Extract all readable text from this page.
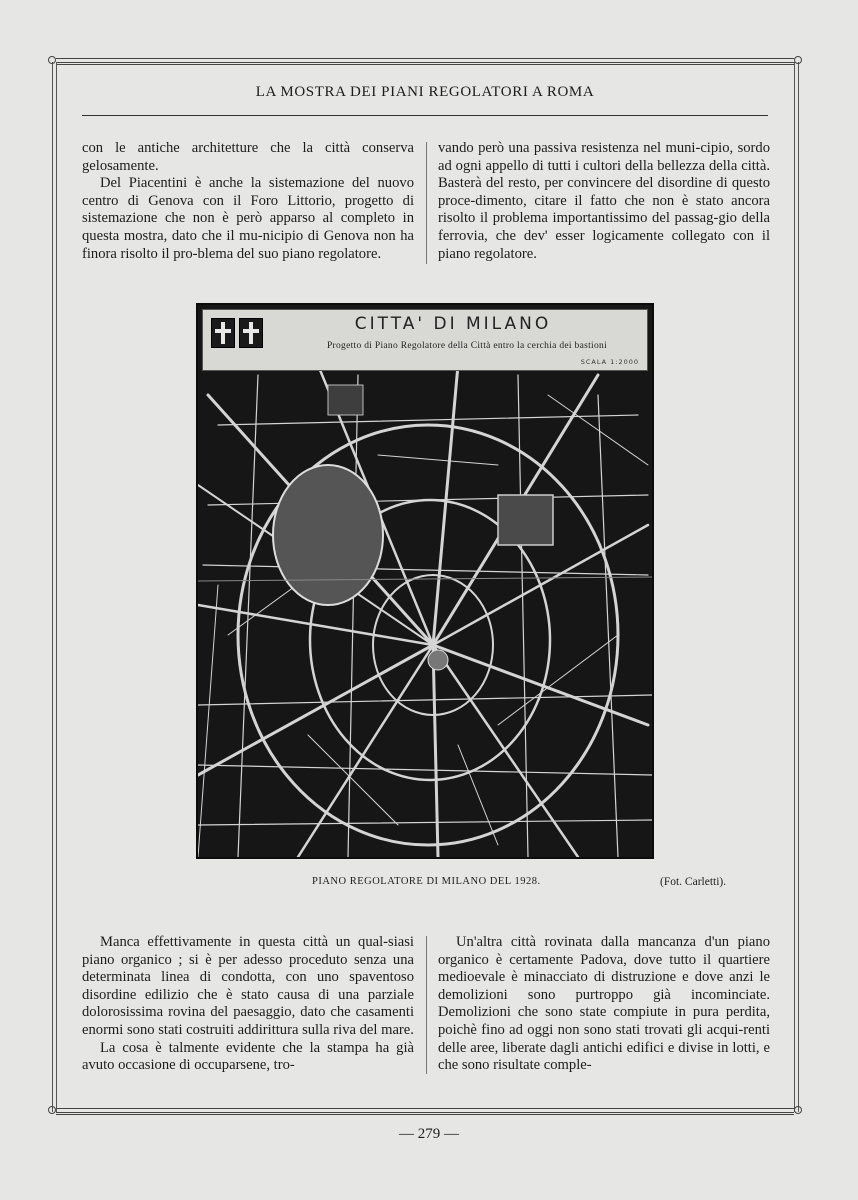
LA MOSTRA DEI PIANI REGOLATORI A ROMA

con le antiche architetture che la città conserva gelosamente.

Del Piacentini è anche la sistemazione del nuovo centro di Genova con il Foro Littorio, progetto di sistemazione che non è però apparso al completo in questa mostra, dato che il mu-nicipio di Genova non ha finora risolto il pro-blema del suo piano regolatore.

vando però una passiva resistenza nel muni-cipio, sordo ad ogni appello di tutti i cultori della bellezza della città. Basterà del resto, per convincere del disordine di questo proce-dimento, citare il fatto che non è stato ancora risolto il problema importantissimo del passag-gio della ferrovia, che dev' esser logicamente collegato con il piano regolatore.

CITTA' DI MILANO
Progetto di Piano Regolatore della Città entro la cerchia dei bastioni
SCALA 1:2000
PIANO REGOLATORE DI MILANO DEL 1928.	(Fot. Carletti).

Manca effettivamente in questa città un qual-siasi piano organico ; si è per adesso proceduto senza una determinata linea di condotta, con uno spaventoso disordine edilizio che è stato causa di una parziale dolorosissima rovina del paesaggio, dato che casamenti enormi sono stati costruiti addirittura sulla riva del mare.

La cosa è talmente evidente che la stampa ha già avuto occasione di occuparsene, tro-

Un'altra città rovinata dalla mancanza d'un piano organico è certamente Padova, dove tutto il quartiere medioevale è minacciato di distruzione e dove anzi le demolizioni sono purtroppo già incominciate. Demolizioni che sono state compiute in pura perdita, poichè fino ad oggi non sono stati trovati gli acqui-renti delle aree, liberate dagli antichi edifici e divise in lotti, e che sono risultate comple-

— 279 —
